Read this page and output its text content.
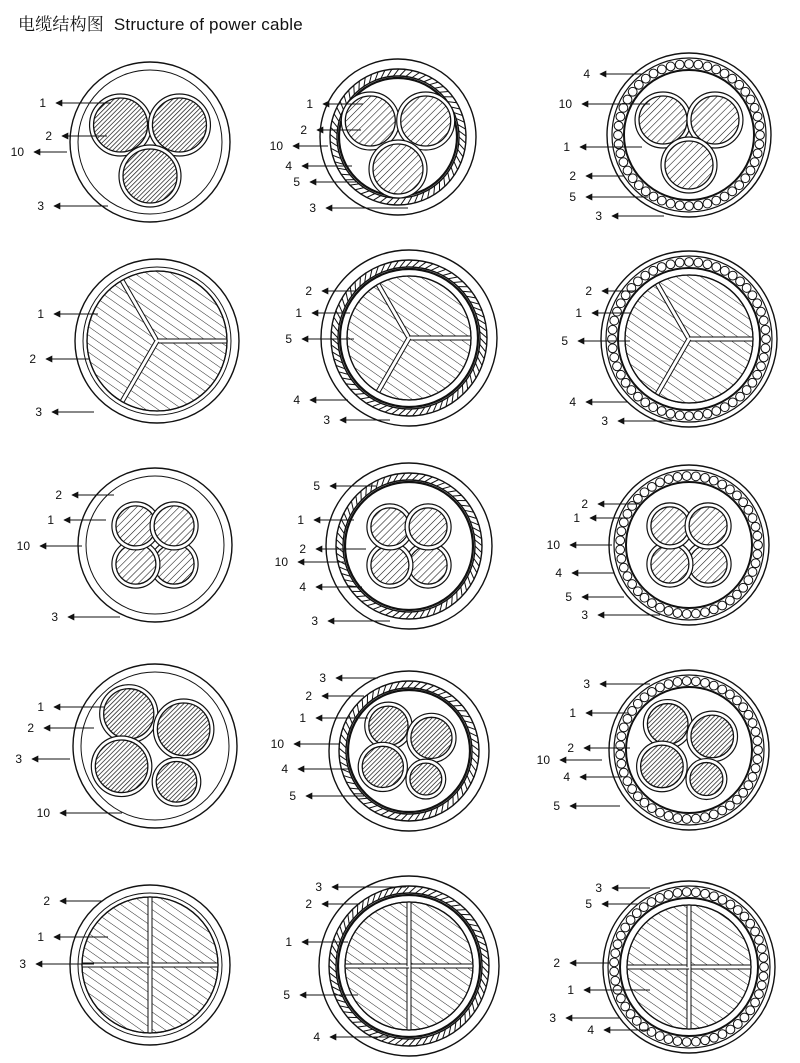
电缆结构图 Structure of power cable
1
2
10
3
1
2
10
4
5
3
4
10
1
2
5
3
1
2
3
2
1
5
4
3
2
1
5
4
3
2
1
10
3
5
1
2
10
4
3
2
1
10
4
5
3
1
2
3
10
3
2
1
10
4
5
3
1
2
10
4
5
2
1
3
3
2
1
5
4
3
5
2
1
3
4
